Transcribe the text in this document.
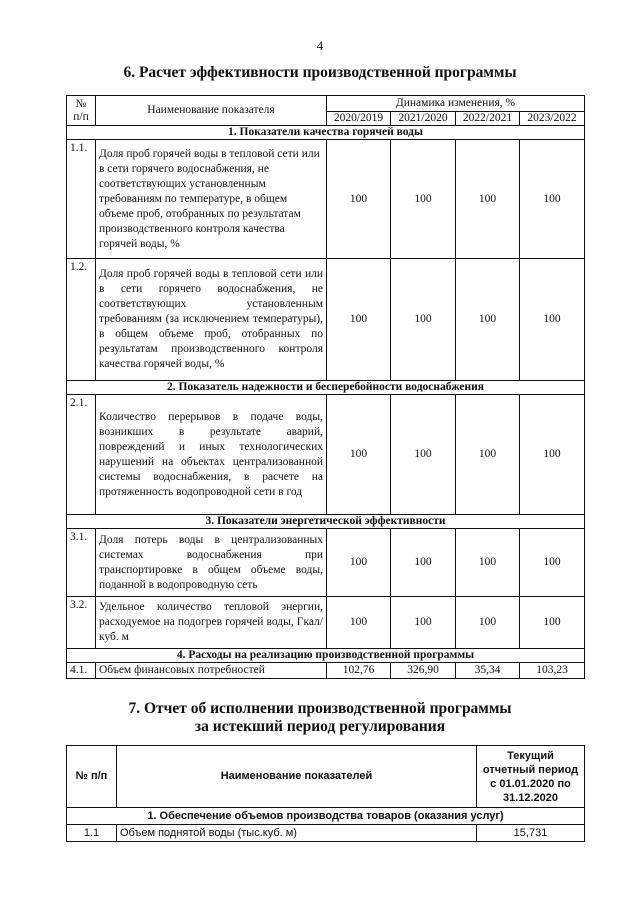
4
6. Расчет эффективности производственной программы
№ п/п	Наименование показателя	Динамика изменения, %			
		2020/2019	2021/2020	2022/2021	2023/2022
1. Показатели качества горячей воды					
1.1.	Доля проб горячей воды в тепловой сети или в сети горячего водоснабжения, не соответствующих установленным требованиям по температуре, в общем объеме проб, отобранных по результатам производственного контроля качества горячей воды, %	100	100	100	100
1.2.	Доля проб горячей воды в тепловой сети или в сети горячего водоснабжения, не соответствующих установленным требованиям (за исключением температуры), в общем объеме проб, отобранных по результатам производственного контроля качества горячей воды, %	100	100	100	100
2. Показатель надежности и бесперебойности водоснабжения					
2.1.	Количество перерывов в подаче воды, возникших в результате аварий, повреждений и иных технологических нарушений на объектах централизованной системы водоснабжения, в расчете на протяженность водопроводной сети в год	100	100	100	100
3. Показатели энергетической эффективности					
3.1.	Доля потерь воды в централизованных системах водоснабжения при транспортировке в общем объеме воды, поданной в водопроводную сеть	100	100	100	100
3.2.	Удельное количество тепловой энергии, расходуемое на подогрев горячей воды, Гкал/куб. м	100	100	100	100
4. Расходы на реализацию производственной программы					
4.1.	Объем финансовых потребностей	102,76	326,90	35,34	103,23
7. Отчет об исполнении производственной программы
за истекший период регулирования
№ п/п	Наименование показателей	Текущий отчетный период с 01.01.2020 по 31.12.2020
1. Обеспечение объемов производства товаров (оказания услуг)		
1.1	Объем поднятой воды (тыс.куб. м)	15,731
